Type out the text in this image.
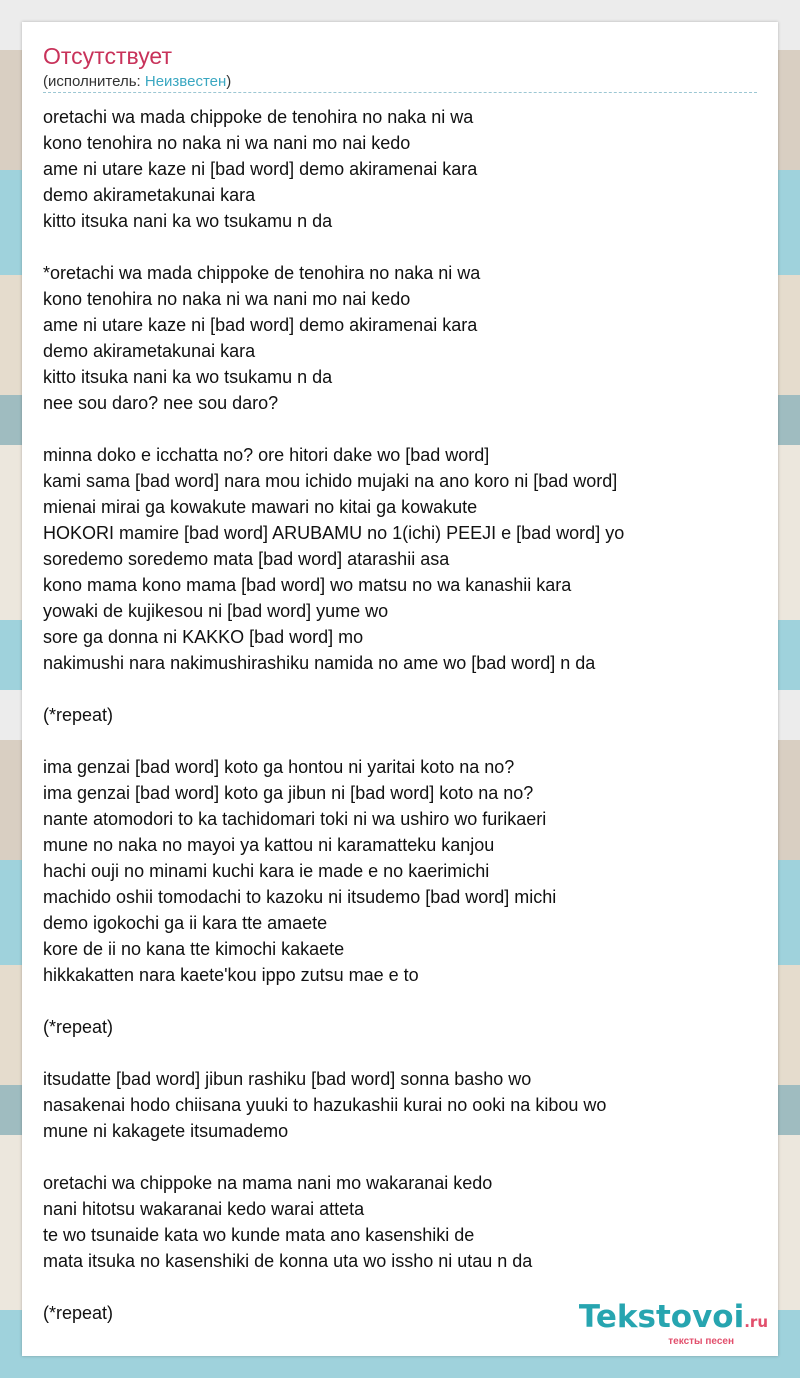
Отсутствует
(исполнитель: Неизвестен)
oretachi wa mada chippoke de tenohira no naka ni wa
kono tenohira no naka ni wa nani mo nai kedo
ame ni utare kaze ni [bad word] demo akiramenai kara
demo akirametakunai kara
kitto itsuka nani ka wo tsukamu n da
*oretachi wa mada chippoke de tenohira no naka ni wa
kono tenohira no naka ni wa nani mo nai kedo
ame ni utare kaze ni [bad word] demo akiramenai kara
demo akirametakunai kara
kitto itsuka nani ka wo tsukamu n da
nee sou daro? nee sou daro?
minna doko e icchatta no? ore hitori dake wo [bad word]
kami sama [bad word] nara mou ichido mujaki na ano koro ni [bad word]
mienai mirai ga kowakute mawari no kitai ga kowakute
HOKORI mamire [bad word] ARUBAMU no 1(ichi) PEEJI e [bad word] yo
soredemo soredemo mata [bad word] atarashii asa
kono mama kono mama [bad word] wo matsu no wa kanashii kara
yowaki de kujikesou ni [bad word] yume wo
sore ga donna ni KAKKO [bad word] mo
nakimushi nara nakimushirashiku namida no ame wo [bad word] n da
(*repeat)
ima genzai [bad word] koto ga hontou ni yaritai koto na no?
ima genzai [bad word] koto ga jibun ni [bad word] koto na no?
nante atomodori to ka tachidomari toki ni wa ushiro wo furikaeri
mune no naka no mayoi ya kattou ni karamatteku kanjou
hachi ouji no minami kuchi kara ie made e no kaerimichi
machido oshii tomodachi to kazoku ni itsudemo [bad word] michi
demo igokochi ga ii kara tte amaete
kore de ii no kana tte kimochi kakaete
hikkakatten nara kaete'kou ippo zutsu mae e to
(*repeat)
itsudatte [bad word] jibun rashiku [bad word] sonna basho wo
nasakenai hodo chiisana yuuki to hazukashii kurai no ooki na kibou wo
mune ni kakagete itsumademo
oretachi wa chippoke na mama nani mo wakaranai kedo
nani hitotsu wakaranai kedo warai atteta
te wo tsunaide kata wo kunde mata ano kasenshiki de
mata itsuka no kasenshiki de konna uta wo issho ni utau n da
(*repeat)	Tekstovoi.ru
тексты песен
